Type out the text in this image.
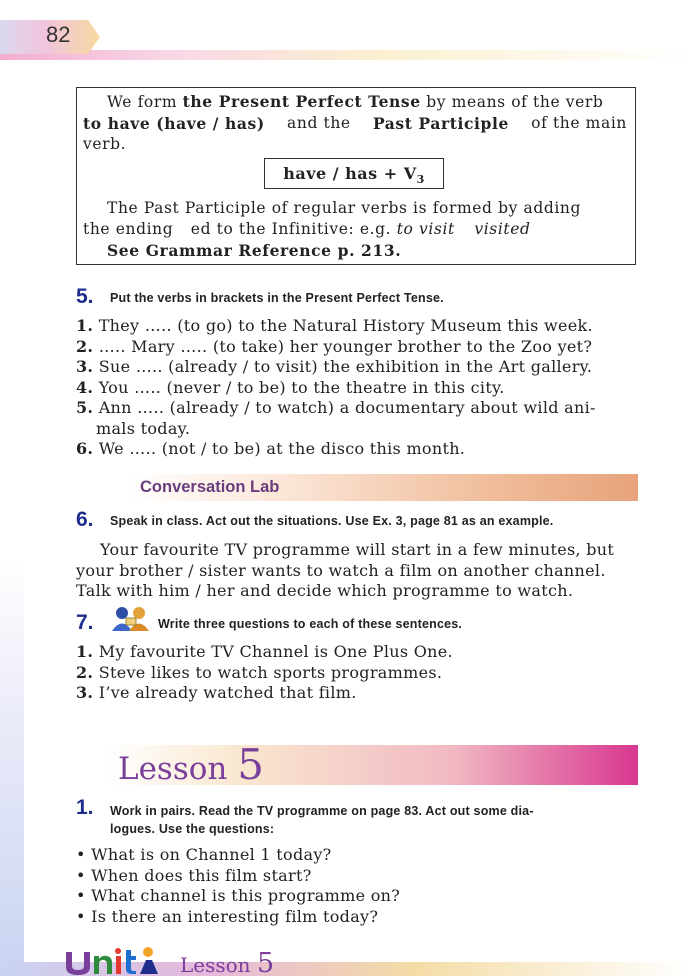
82
We form the Present Perfect Tense by means of the verb
to have (have / has) and the Past Participle of the main
verb.
have / has + $V_3$
The Past Participle of regular verbs is formed by adding
the ending ed to the Infinitive: e.g. to visit visited
See Grammar Reference p. 213.
5. Put the verbs in brackets in the Present Perfect Tense.
1. They ….. (to go) to the Natural History Museum this week.
2. ….. Mary ….. (to take) her younger brother to the Zoo yet?
3. Sue ….. (already / to visit) the exhibition in the Art gallery.
4. You ….. (never / to be) to the theatre in this city.
5. Ann ….. (already / to watch) a documentary about wild ani-
mals today.
6. We ….. (not / to be) at the disco this month.
Conversation Lab
6. Speak in class. Act out the situations. Use Ex. 3, page 81 as an example.
Your favourite TV programme will start in a few minutes, but
your brother / sister wants to watch a film on another channel.
Talk with him / her and decide which programme to watch.
7.	Write three questions to each of these sentences.
1. My favourite TV Channel is One Plus One.
2. Steve likes to watch sports programmes.
3. I’ve already watched that film.
Lesson 5
1. Work in pairs. Read the TV programme on page 83. Act out some dia-
logues. Use the questions:
• What is on Channel 1 today?
• When does this film start?
• What channel is this programme on?
• Is there an interesting film today?
Lesson 5
